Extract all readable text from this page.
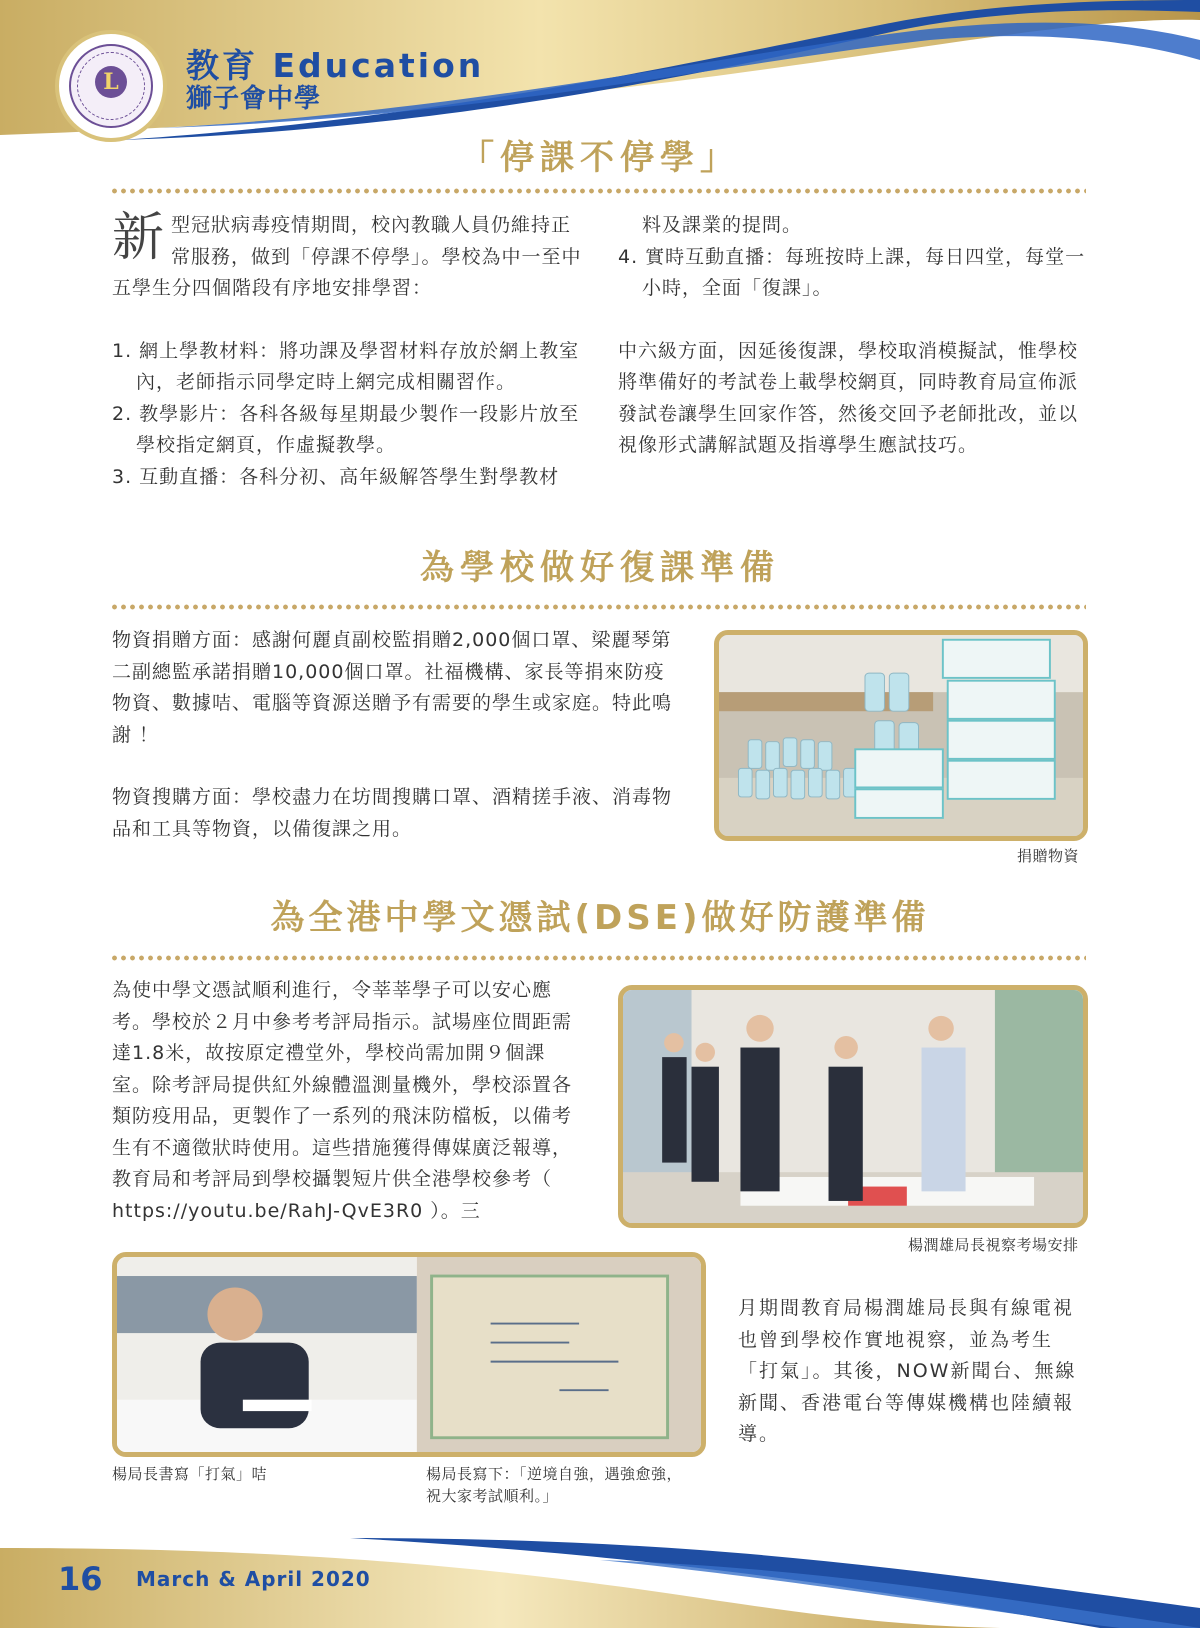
L 教育 Education
獅子會中學
「停課不停學」

新型冠狀病毒疫情期間，校內教職人員仍維持正常服務，做到「停課不停學」。學校為中一至中五學生分四個階段有序地安排學習：

1. 網上學教材料：將功課及學習材料存放於網上教室內，老師指示同學定時上網完成相關習作。

2. 教學影片：各科各級每星期最少製作一段影片放至學校指定網頁，作虛擬教學。

3. 互動直播：各科分初、高年級解答學生對學教材

料及課業的提問。

4. 實時互動直播：每班按時上課，每日四堂，每堂一小時，全面「復課」。

中六級方面，因延後復課，學校取消模擬試，惟學校將準備好的考試卷上載學校網頁，同時教育局宣佈派發試卷讓學生回家作答，然後交回予老師批改，並以視像形式講解試題及指導學生應試技巧。

為學校做好復課準備

物資捐贈方面：感謝何麗貞副校監捐贈2,000個口罩、梁麗琴第二副總監承諾捐贈10,000個口罩。社福機構、家長等捐來防疫物資、數據咭、電腦等資源送贈予有需要的學生或家庭。特此鳴謝 ！

物資搜購方面：學校盡力在坊間搜購口罩、酒精搓手液、消毒物品和工具等物資，以備復課之用。

捐贈物資
為全港中學文憑試(DSE)做好防護準備
為使中學文憑試順利進行，令莘莘學子可以安心應考。學校於２月中參考考評局指示。試場座位間距需達1.8米，故按原定禮堂外，學校尚需加開９個課室。除考評局提供紅外線體溫測量機外，學校添置各類防疫用品，更製作了一系列的飛沫防檔板，以備考生有不適徵狀時使用。這些措施獲得傳媒廣泛報導，教育局和考評局到學校攝製短片供全港學校參考（ https://youtu.be/RahJ-QvE3R0 ）。三
楊潤雄局長視察考場安排
楊局長書寫「打氣」咭	楊局長寫下：「逆境自強，遇強愈強，
祝大家考試順利。」
月期間教育局楊潤雄局長與有線電視也曾到學校作實地視察，並為考生「打氣」。其後，NOW新聞台、無線新聞、香港電台等傳媒機構也陸續報導。
16 March & April 2020
